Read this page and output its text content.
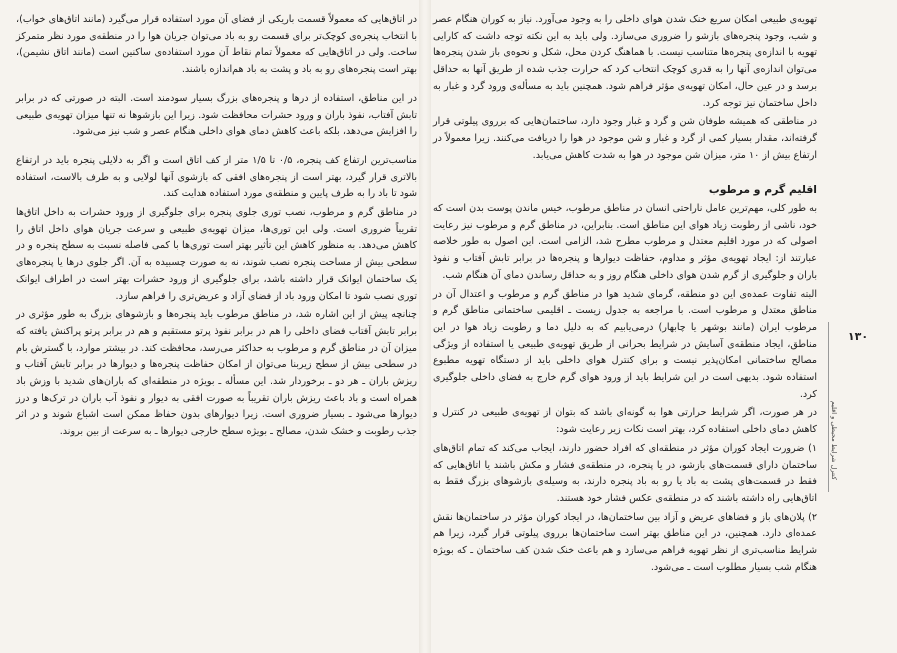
تهویه‌ی طبیعی امکان سریع خنک شدن هوای داخلی را به وجود می‌آورد. نیاز به کوران هنگام عصر و شب، وجود پنجره‌های بازشو را ضروری می‌سازد. ولی باید به این نکته توجه داشت که کارایی تهویه با اندازه‌ی پنجره‌ها متناسب نیست. با هماهنگ کردن محل، شکل و نحوه‌ی باز شدن پنجره‌ها می‌توان اندازه‌ی آنها را به قدری کوچک انتخاب کرد که حرارت جذب شده از طریق آنها به حداقل برسد و در عین حال، امکان تهویه‌ی مؤثر فراهم شود. همچنین باید به مسأله‌ی ورود گرد و غبار به داخل ساختمان نیز توجه کرد.

در مناطقی که همیشه طوفان شن و گرد و غبار وجود دارد، ساختمان‌هایی که برروی پیلوتی قرار گرفته‌اند، مقدار بسیار کمی از گرد و غبار و شن موجود در هوا را دریافت می‌کنند. زیرا معمولاً در ارتفاع بیش از ۱۰ متر، میزان شن موجود در هوا به شدت کاهش می‌یابد.

اقلیم گرم و مرطوب

به طور کلی، مهم‌ترین عامل ناراحتی انسان در مناطق مرطوب، خیس ماندن پوست بدن است که خود، ناشی از رطوبت زیاد هوای این مناطق است. بنابراین، در مناطق گرم و مرطوب نیز رعایت اصولی که در مورد اقلیم معتدل و مرطوب مطرح شد، الزامی است. این اصول به طور خلاصه عبارتند از: ایجاد تهویه‌ی مؤثر و مداوم، حفاظت دیوارها و پنجره‌ها در برابر تابش آفتاب و نفوذ باران و جلوگیری از گرم شدن هوای داخلی هنگام روز و به حداقل رساندن دمای آن هنگام شب.

البته تفاوت عمده‌ی این دو منطقه، گرمای شدید هوا در مناطق گرم و مرطوب و اعتدال آن در مناطق معتدل و مرطوب است. با مراجعه به جدول زیست ـ اقلیمی ساختمانی مناطق گرم و مرطوب ایران (مانند بوشهر یا چابهار) درمی‌یابیم که به دلیل دما و رطوبت زیاد هوا در این مناطق، ایجاد منطقه‌ی آسایش در شرایط بحرانی از طریق تهویه‌ی طبیعی یا استفاده از ویژگی مصالح ساختمانی امکان‌پذیر نیست و برای کنترل هوای داخلی باید از دستگاه تهویه مطبوع استفاده شود. بدیهی است در این شرایط باید از ورود هوای گرم خارج به فضای داخلی جلوگیری کرد.

در هر صورت، اگر شرایط حرارتی هوا به گونه‌ای باشد که بتوان از تهویه‌ی طبیعی در کنترل و کاهش دمای داخلی استفاده کرد، بهتر است نکات زیر رعایت شود:

۱) ضرورت ایجاد کوران مؤثر در منطقه‌ای که افراد حضور دارند، ایجاب می‌کند که تمام اتاق‌های ساختمان دارای قسمت‌های بازشو، در یا پنجره، در منطقه‌ی فشار و مکش باشند یا اتاق‌هایی که فقط در قسمت‌های پشت به باد یا رو به باد پنجره دارند، به وسیله‌ی بازشوهای بزرگ فقط به اتاق‌هایی راه داشته باشند که در منطقه‌ی عکس فشار خود هستند.

۲) پلان‌های باز و فضاهای عریض و آزاد بین ساختمان‌ها، در ایجاد کوران مؤثر در ساختمان‌ها نقش عمده‌ای دارد. همچنین، در این مناطق بهتر است ساختمان‌ها برروی پیلوتی قرار گیرد، زیرا هم شرایط مناسب‌تری از نظر تهویه فراهم می‌سازد و هم باعث خنک شدن کف ساختمان ـ که بویژه هنگام شب بسیار مطلوب است ـ می‌شود.

در اتاق‌هایی که معمولاً قسمت باریکی از فضای آن مورد استفاده قرار می‌گیرد (مانند اتاق‌های خواب)، با انتخاب پنجره‌ی کوچک‌تر برای قسمت رو به باد می‌توان جریان هوا را در منطقه‌ی مورد نظر متمرکز ساخت. ولی در اتاق‌هایی که معمولاً تمام نقاط آن مورد استفاده‌ی ساکنین است (مانند اتاق نشیمن)، بهتر است پنجره‌های رو به باد و پشت به باد هم‌اندازه باشند.

در این مناطق، استفاده از درها و پنجره‌های بزرگ بسیار سودمند است. البته در صورتی که در برابر تابش آفتاب، نفوذ باران و ورود حشرات محافظت شود. زیرا این بازشوها نه تنها میزان تهویه‌ی طبیعی را افزایش می‌دهد، بلکه باعث کاهش دمای هوای داخلی هنگام عصر و شب نیز می‌شود.

مناسب‌ترین ارتفاع کف پنجره، ۰/۵ تا ۱/۵ متر از کف اتاق است و اگر به دلایلی پنجره باید در ارتفاع بالاتری قرار گیرد، بهتر است از پنجره‌های افقی که بازشوی آنها لولایی و به طرف بالاست، استفاده شود تا باد را به طرف پایین و منطقه‌ی مورد استفاده هدایت کند.

در مناطق گرم و مرطوب، نصب توری جلوی پنجره برای جلوگیری از ورود حشرات به داخل اتاق‌ها تقریباً ضروری است. ولی این توری‌ها، میزان تهویه‌ی طبیعی و سرعت جریان هوای داخل اتاق را کاهش می‌دهد. به منظور کاهش این تأثیر بهتر است توری‌ها با کمی فاصله نسبت به سطح پنجره و در سطحی بیش از مساحت پنجره نصب شوند، نه به صورت چسبیده به آن. اگر جلوی درها یا پنجره‌های یک ساختمان ایوانک قرار داشته باشد، برای جلوگیری از ورود حشرات بهتر است در اطراف ایوانک توری نصب شود تا امکان ورود باد از فضای آزاد و عریض‌تری را فراهم سازد.

چنانچه پیش از این اشاره شد، در مناطق مرطوب باید پنجره‌ها و بازشوهای بزرگ به طور مؤثری در برابر تابش آفتاب فضای داخلی را هم در برابر نفوذ پرتو مستقیم و هم در برابر پرتو پراکنش یافته که میزان آن در مناطق گرم و مرطوب به حداکثر می‌رسد، محافظت کند. در بیشتر موارد، با گسترش بام در سطحی بیش از سطح زیربنا می‌توان از امکان حفاظت پنجره‌ها و دیوارها در برابر تابش آفتاب و ریزش باران ـ هر دو ـ برخوردار شد. این مسأله ـ بویژه در منطقه‌ای که باران‌های شدید با وزش باد همراه است و باد باعث ریزش باران تقریباً به صورت افقی به دیوار و نفوذ آب باران در ترک‌ها و درز دیوارها می‌شود ـ بسیار ضروری است. زیرا دیوارهای بدون حفاظ ممکن است اشباع شوند و در اثر جذب رطوبت و خشک شدن، مصالح ـ بویژه سطح خارجی دیوارها ـ به سرعت از بین بروند.

۱۳۰
کنترل شرایط محیطی و اقلیم
